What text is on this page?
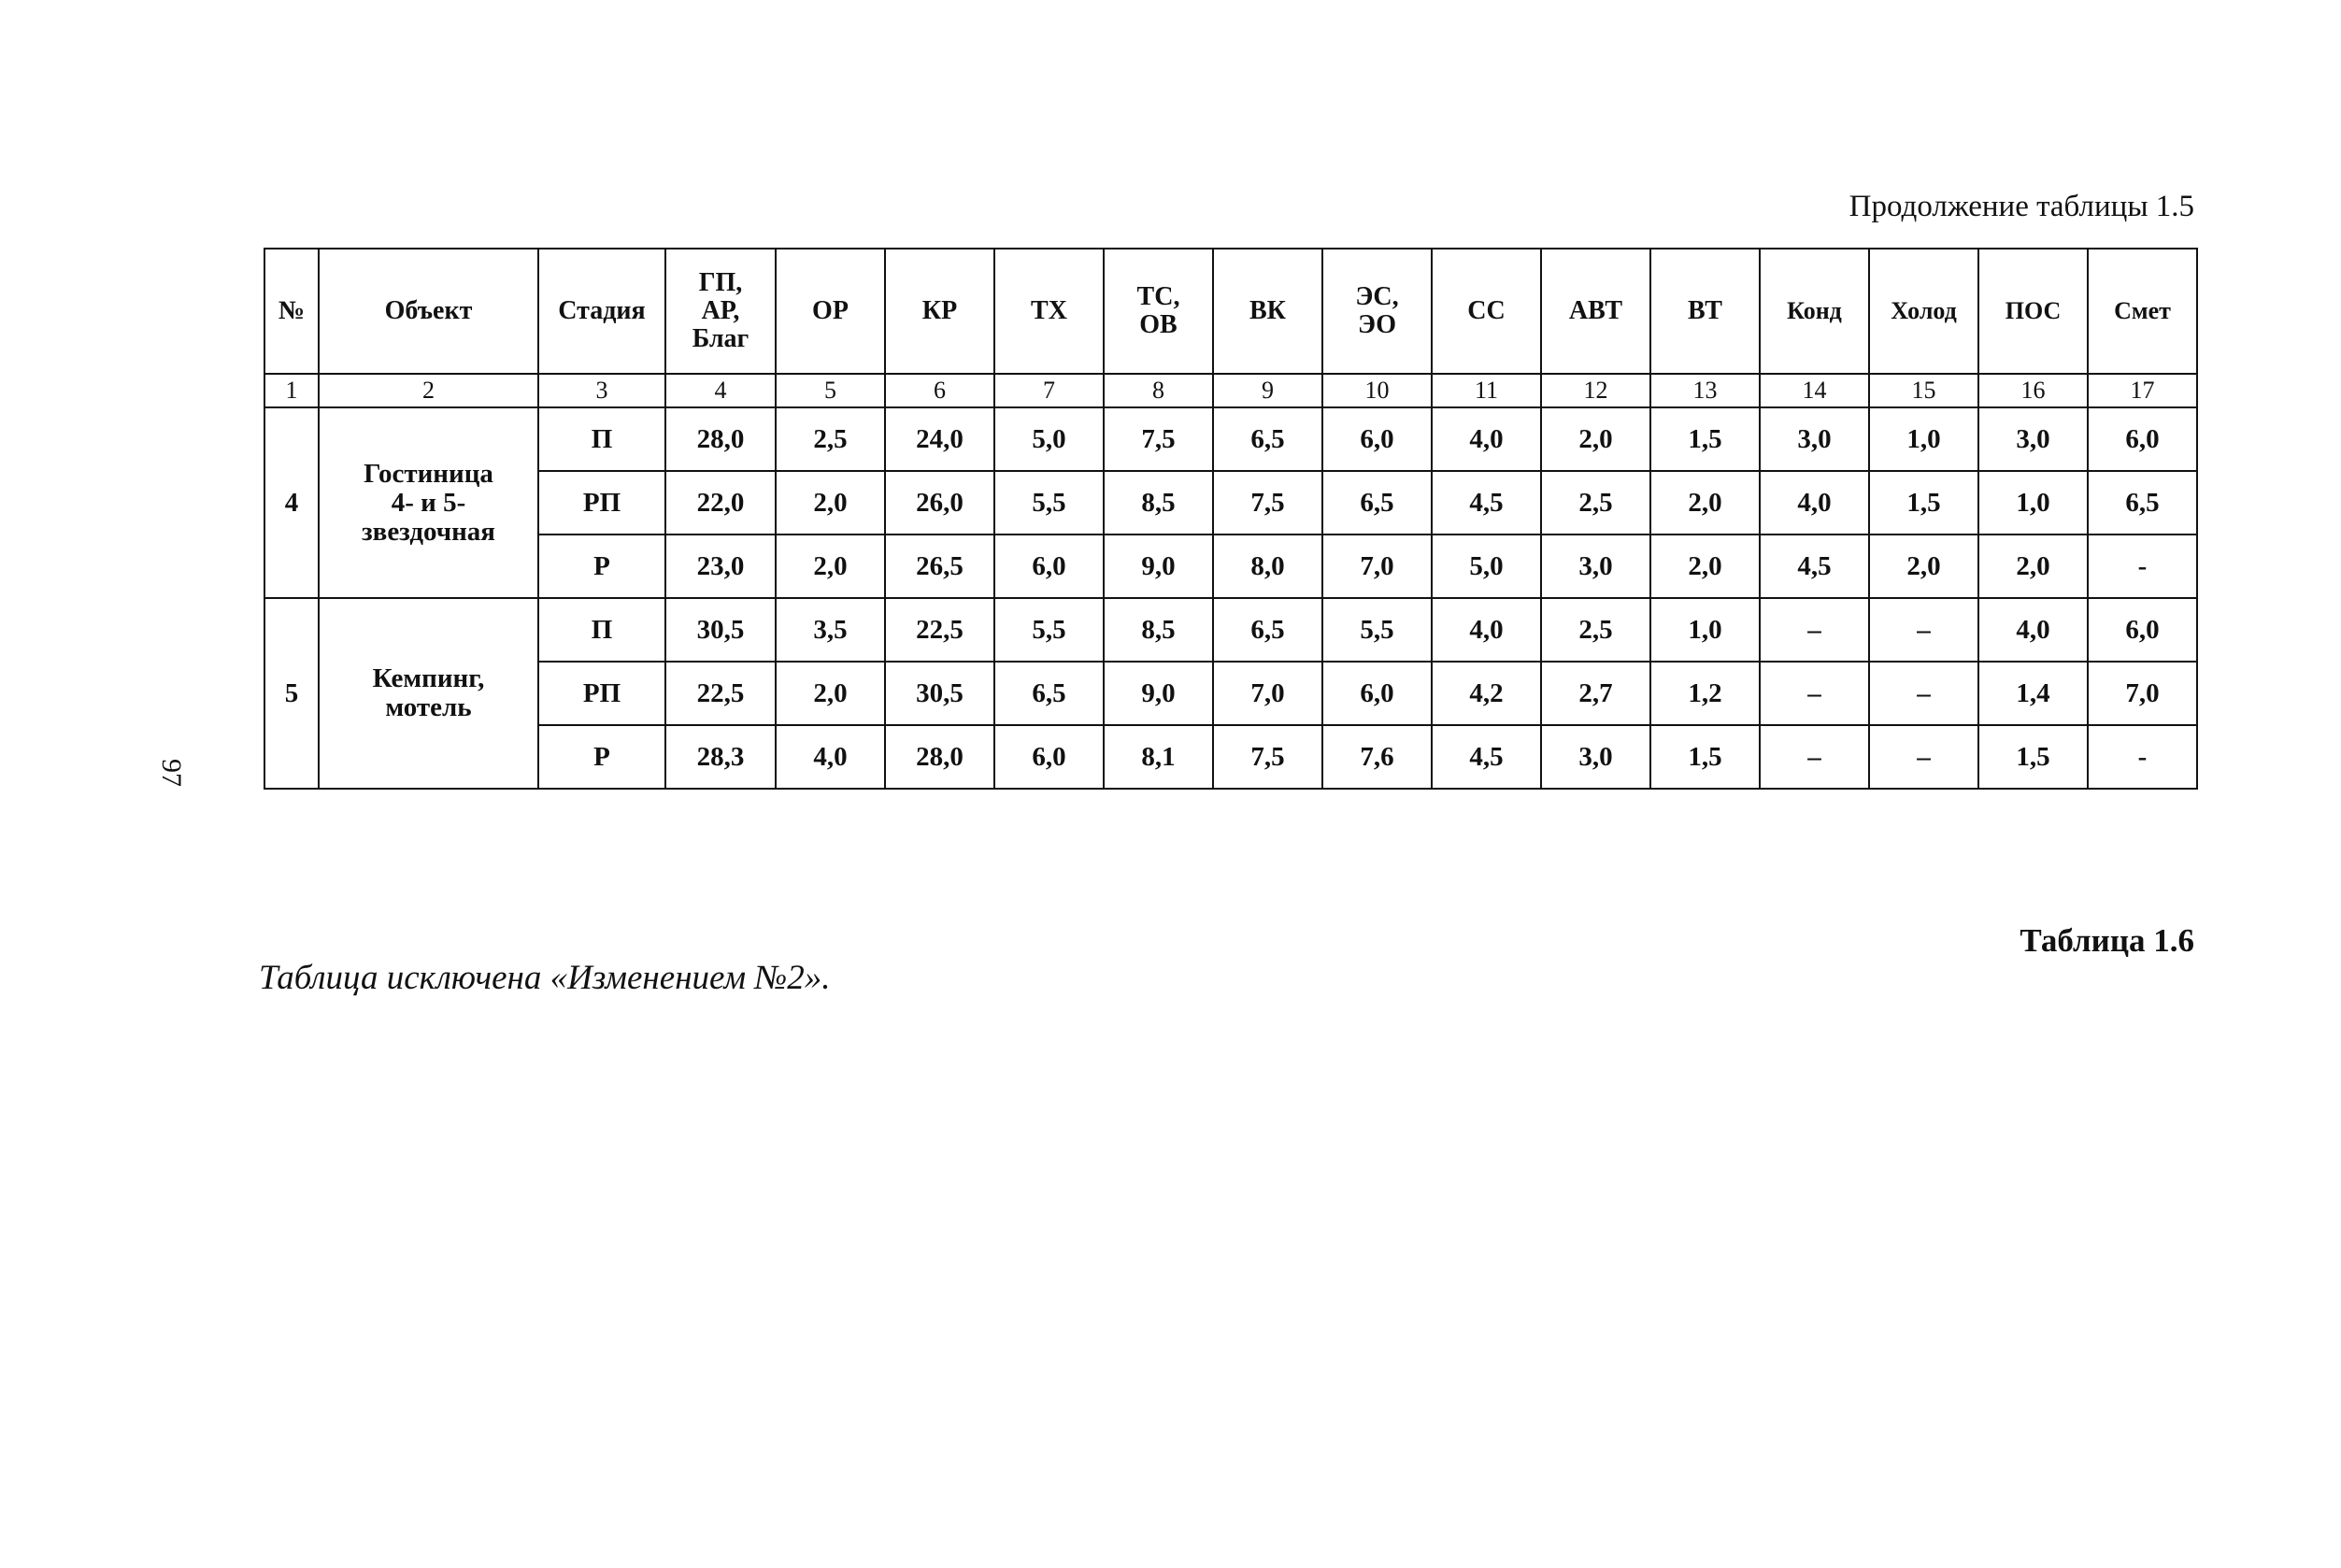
Продолжение таблицы 1.5
97
№	Объект	Стадия	ГП,
АР,
Благ	ОР	КР	ТХ	ТС,
ОВ	ВК	ЭС,
ЭО	СС	АВТ	ВТ	Конд	Холод	ПОС	Смет
1	2	3	4	5	6	7	8	9	10	11	12	13	14	15	16	17
4	Гостиница
4- и 5-
звездочная	П	28,0	2,5	24,0	5,0	7,5	6,5	6,0	4,0	2,0	1,5	3,0	1,0	3,0	6,0
		РП	22,0	2,0	26,0	5,5	8,5	7,5	6,5	4,5	2,5	2,0	4,0	1,5	1,0	6,5
		Р	23,0	2,0	26,5	6,0	9,0	8,0	7,0	5,0	3,0	2,0	4,5	2,0	2,0	-
5	Кемпинг,
мотель	П	30,5	3,5	22,5	5,5	8,5	6,5	5,5	4,0	2,5	1,0	–	–	4,0	6,0
		РП	22,5	2,0	30,5	6,5	9,0	7,0	6,0	4,2	2,7	1,2	–	–	1,4	7,0
		Р	28,3	4,0	28,0	6,0	8,1	7,5	7,6	4,5	3,0	1,5	–	–	1,5	-
Таблица 1.6
Таблица исключена «Изменением №2».
